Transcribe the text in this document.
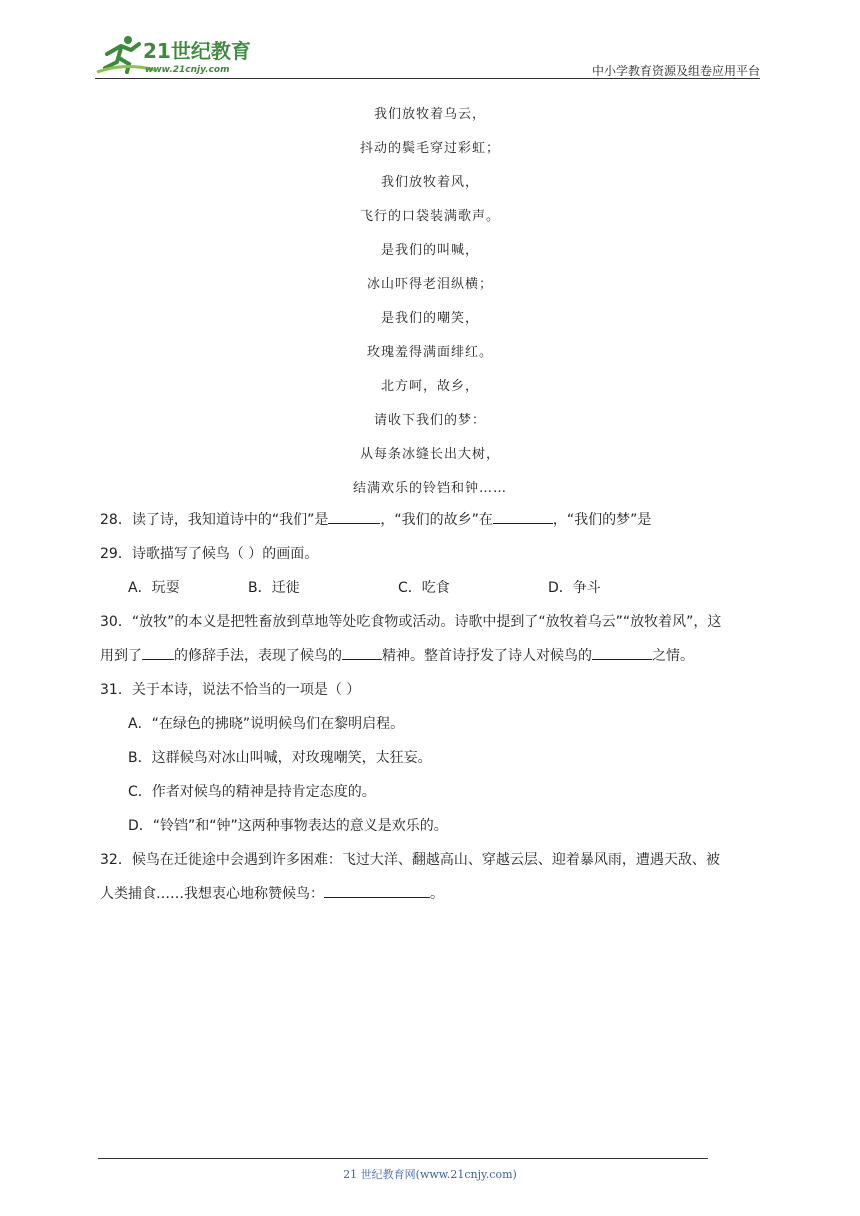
21世纪教育
www.21cnjy.com	中小学教育资源及组卷应用平台
我们放牧着乌云，
抖动的鬓毛穿过彩虹；
我们放牧着风，
飞行的口袋装满歌声。
是我们的叫喊，
冰山吓得老泪纵横；
是我们的嘲笑，
玫瑰羞得满面绯红。
北方呵，故乡，
请收下我们的梦：
从每条冰缝长出大树，
结满欢乐的铃铛和钟……
28．读了诗，我知道诗中的“我们”是	，“我们的故乡”在	，“我们的梦”是
29．诗歌描写了候鸟（ ）的画面。
A．玩耍	B．迁徙	C．吃食	D．争斗
30．“放牧”的本义是把牲畜放到草地等处吃食物或活动。诗歌中提到了“放牧着乌云”“放牧着风”，这
用到了 的修辞手法，表现了候鸟的	精神。整首诗抒发了诗人对候鸟的	之情。
31．关于本诗，说法不恰当的一项是（ ）
A．“在绿色的拂晓”说明候鸟们在黎明启程。
B．这群候鸟对冰山叫喊，对玫瑰嘲笑，太狂妄。
C．作者对候鸟的精神是持肯定态度的。
D．“铃铛”和“钟”这两种事物表达的意义是欢乐的。
32．候鸟在迁徙途中会遇到许多困难：飞过大洋、翻越高山、穿越云层、迎着暴风雨，遭遇天敌、被
人类捕食……我想衷心地称赞候鸟：	。
21 世纪教育网(www.21cnjy.com)
